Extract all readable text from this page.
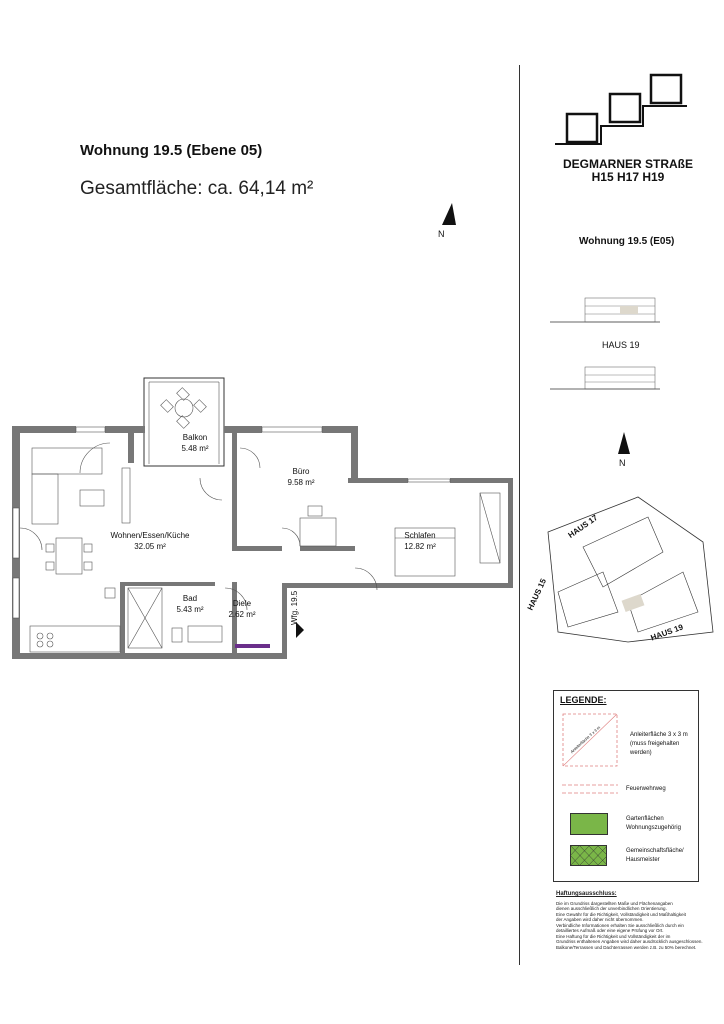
Wohnung 19.5 (Ebene 05)
Gesamtfläche: ca. 64,14 m²
N
Balkon
5.48 m²
Büro
9.58 m²
Wohnen/Essen/Küche
32.05 m²
Schlafen
12.82 m²
Bad
5.43 m²
Diele
2.62 m²	Wfg. 19.5
DEGMARNER STRAßE
H15 H17 H19
Wohnung 19.5 (E05)
HAUS 19
N
HAUS 17
HAUS 15
HAUS 19
LEGENDE:
Anleiterfläche 3 x 3 m	Anleiterfläche 3 x 3 m
(muss freigehalten werden)
Feuerwehrweg
Gartenflächen
Wohnungszugehörig
Gemeinschaftsfläche/
Hausmeister
Haftungsausschluss:
Die im Grundriss dargestellten Maße und Flächenangaben
dienen ausschließlich der unverbindlichen Orientierung.
Eine Gewähr für die Richtigkeit, Vollständigkeit und Maßhaltigkeit
der Angaben wird daher nicht übernommen.
Verbindliche Informationen erhalten Sie ausschließlich durch ein
detailliertes Aufmaß oder eine eigene Prüfung vor Ort.
Eine Haftung für die Richtigkeit und Vollständigkeit der im
Grundriss enthaltenen Angaben wird daher ausdrücklich ausgeschlossen.
Balkone/Terrassen und Dachterrassen werden z.B. zu 50% berechnet.
